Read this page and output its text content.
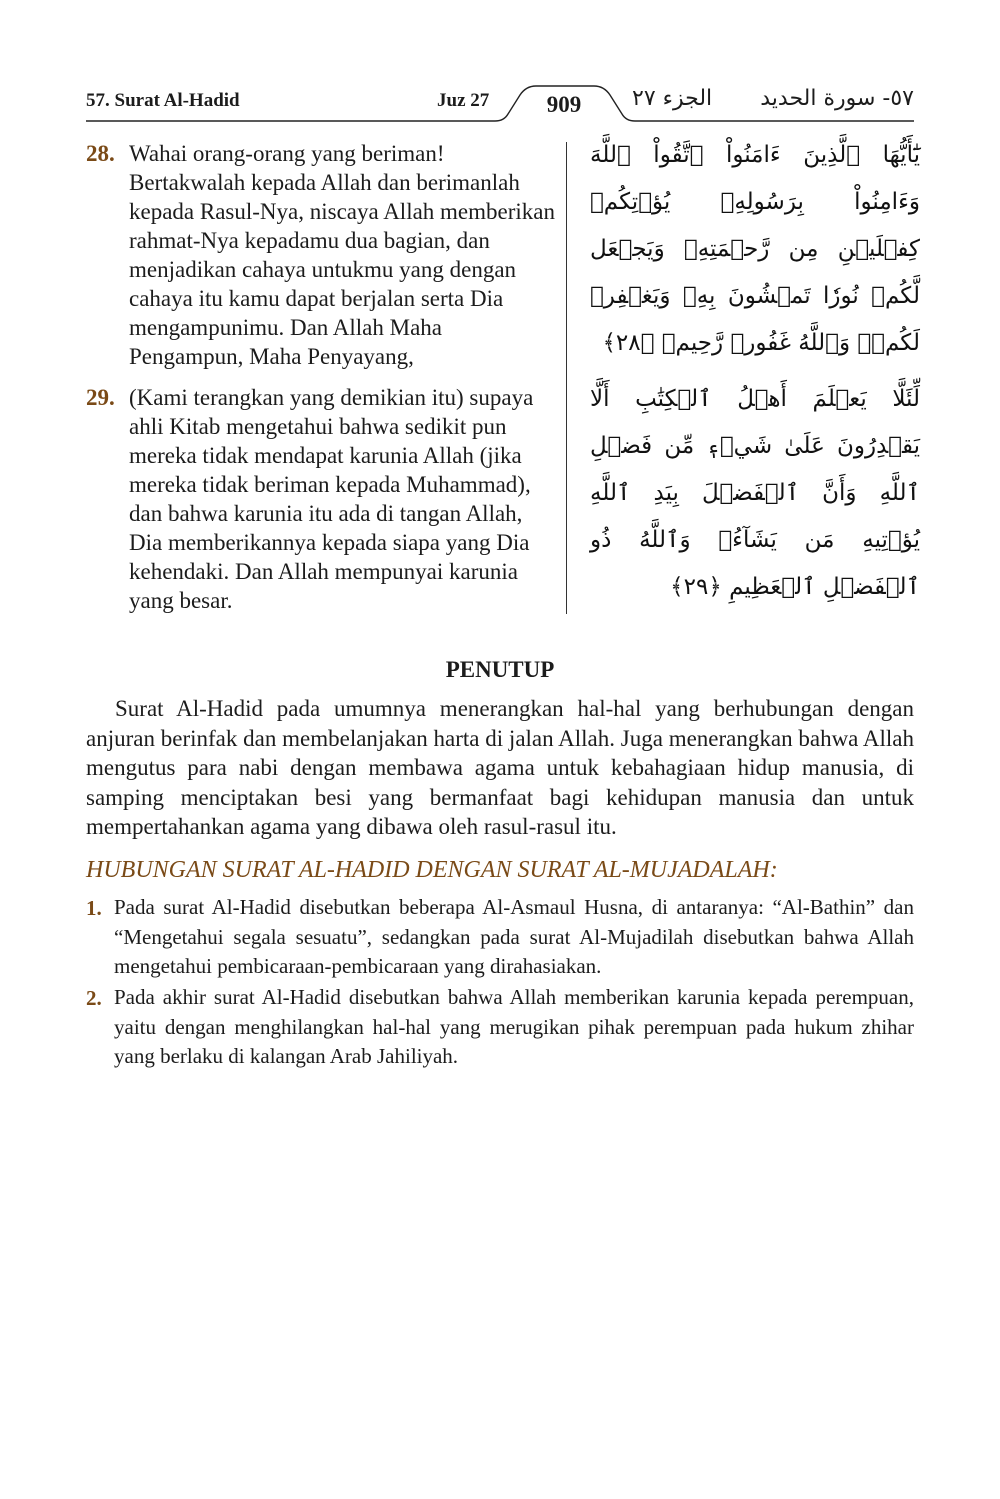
57. Surat Al-Hadid	Juz 27	909	الجزء ٢٧ ٥٧- سورة الحديد
28. Wahai orang-orang yang beriman! Bertakwalah kepada Allah dan berimanlah kepada Rasul-Nya, niscaya Allah memberikan rahmat-Nya kepadamu dua bagian, dan menjadikan cahaya untukmu yang dengan cahaya itu kamu dapat berjalan serta Dia mengampunimu. Dan Allah Maha Pengampun, Maha Penyayang,
يَٰٓأَيُّهَا ٱلَّذِينَ ءَامَنُواْ ٱتَّقُواْ ٱللَّهَ وَءَامِنُواْ بِرَسُولِهِۦ يُؤۡتِكُمۡ كِفۡلَيۡنِ مِن رَّحۡمَتِهِۦ وَيَجۡعَل لَّكُمۡ نُورٗا تَمۡشُونَ بِهِۦ وَيَغۡفِرۡ لَكُمۡۚ وَٱللَّهُ غَفُورٞ رَّحِيمٞ ﴿٢٨﴾
29. (Kami terangkan yang demikian itu) supaya ahli Kitab mengetahui bahwa sedikit pun mereka tidak mendapat karunia Allah (jika mereka tidak beriman kepada Muhammad), dan bahwa karunia itu ada di tangan Allah, Dia memberikannya kepada siapa yang Dia kehendaki. Dan Allah mempunyai karunia yang besar.
لِّئَلَّا يَعۡلَمَ أَهۡلُ ٱلۡكِتَٰبِ أَلَّا يَقۡدِرُونَ عَلَىٰ شَيۡءٖ مِّن فَضۡلِ ٱللَّهِ وَأَنَّ ٱلۡفَضۡلَ بِيَدِ ٱللَّهِ يُؤۡتِيهِ مَن يَشَآءُۚ وَٱللَّهُ ذُو ٱلۡفَضۡلِ ٱلۡعَظِيمِ ﴿٢٩﴾
PENUTUP
Surat Al-Hadid pada umumnya menerangkan hal-hal yang berhubungan dengan anjuran berinfak dan membelanjakan harta di jalan Allah. Juga menerangkan bahwa Allah mengutus para nabi dengan membawa agama untuk kebahagiaan hidup manusia, di samping menciptakan besi yang bermanfaat bagi kehidupan manusia dan untuk mempertahankan agama yang dibawa oleh rasul-rasul itu.
HUBUNGAN SURAT AL-HADID DENGAN SURAT AL-MUJADALAH:
1. Pada surat Al-Hadid disebutkan beberapa Al-Asmaul Husna, di antaranya: “Al-Bathin” dan “Mengetahui segala sesuatu”, sedangkan pada surat Al-Mujadilah disebutkan bahwa Allah mengetahui pembicaraan-pembicaraan yang dirahasiakan.
2. Pada akhir surat Al-Hadid disebutkan bahwa Allah memberikan karunia kepada perempuan, yaitu dengan menghilangkan hal-hal yang merugikan pihak perempuan pada hukum zhihar yang berlaku di kalangan Arab Jahiliyah.
